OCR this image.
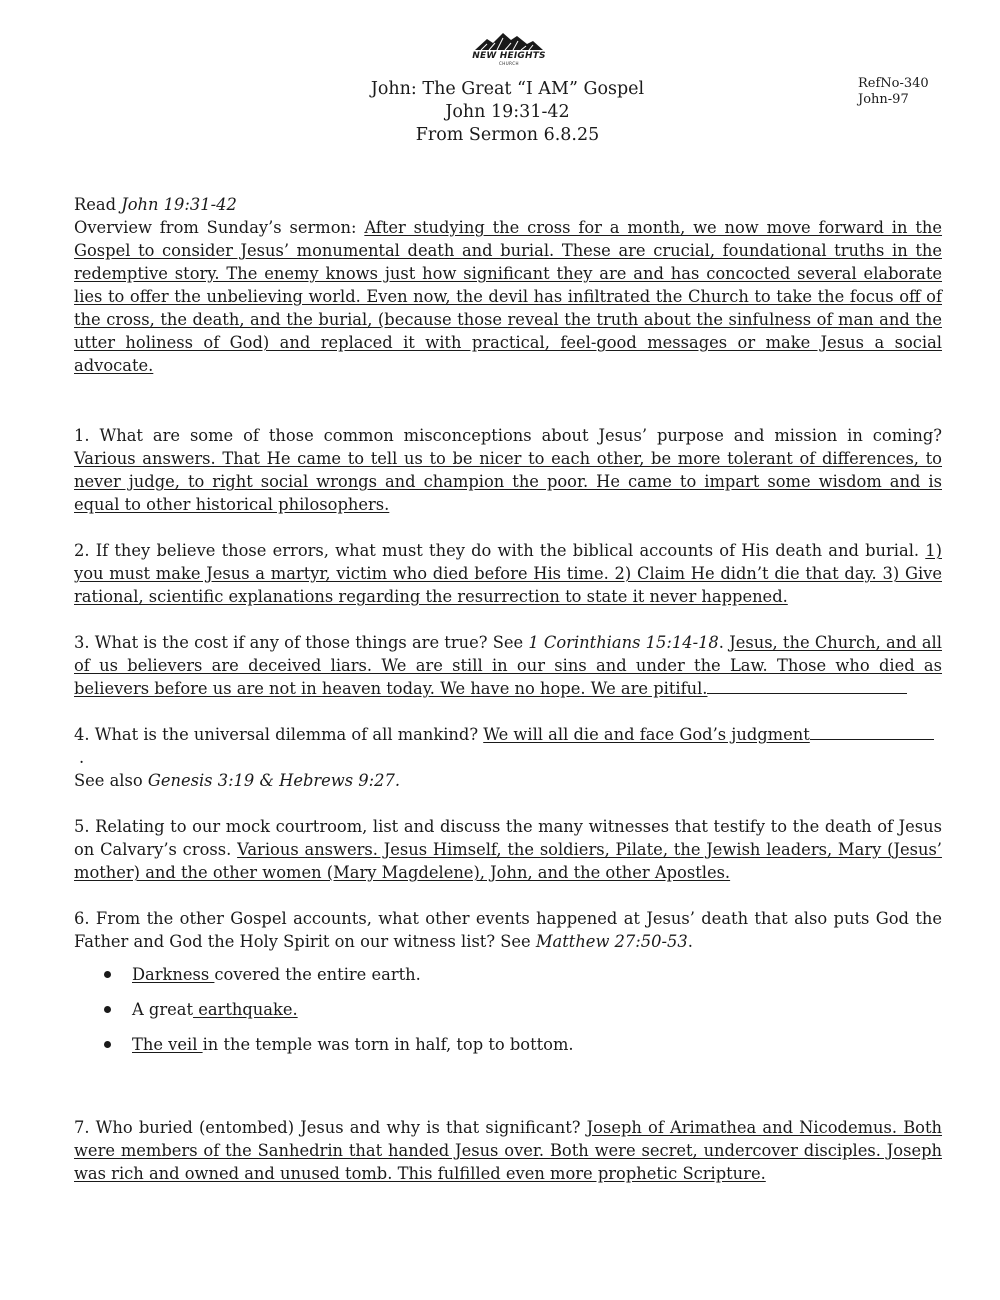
NEW HEIGHTS
CHURCH
John: The Great “I AM” Gospel
John 19:31-42
From Sermon 6.8.25
RefNo-340
John-97

Read John 19:31-42

Overview from Sunday’s sermon: After studying the cross for a month, we now move forward in the Gospel to consider Jesus’ monumental death and burial. These are crucial, foundational truths in the redemptive story. The enemy knows just how significant they are and has concocted several elaborate lies to offer the unbelieving world. Even now, the devil has infiltrated the Church to take the focus off of the cross, the death, and the burial, (because those reveal the truth about the sinfulness of man and the utter holiness of God) and replaced it with practical, feel-good messages or make Jesus a social advocate.

1. What are some of those common misconceptions about Jesus’ purpose and mission in coming? Various answers. That He came to tell us to be nicer to each other, be more tolerant of differences, to never judge, to right social wrongs and champion the poor. He came to impart some wisdom and is equal to other historical philosophers.

2. If they believe those errors, what must they do with the biblical accounts of His death and burial. 1) you must make Jesus a martyr, victim who died before His time. 2) Claim He didn’t die that day. 3) Give rational, scientific explanations regarding the resurrection to state it never happened.

3. What is the cost if any of those things are true? See 1 Corinthians 15:14-18. Jesus, the Church, and all of us believers are deceived liars. We are still in our sins and under the Law. Those who died as believers before us are not in heaven today. We have no hope. We are pitiful.

4. What is the universal dilemma of all mankind? We will all die and face God’s judgment.
See also Genesis 3:19 & Hebrews 9:27.

5. Relating to our mock courtroom, list and discuss the many witnesses that testify to the death of Jesus on Calvary’s cross. Various answers. Jesus Himself, the soldiers, Pilate, the Jewish leaders, Mary (Jesus’ mother) and the other women (Mary Magdelene), John, and the other Apostles.

6. From the other Gospel accounts, what other events happened at Jesus’ death that also puts God the Father and God the Holy Spirit on our witness list? See Matthew 27:50-53.

Darkness covered the entire earth.
A great earthquake.
The veil in the temple was torn in half, top to bottom.

7. Who buried (entombed) Jesus and why is that significant? Joseph of Arimathea and Nicodemus. Both were members of the Sanhedrin that handed Jesus over. Both were secret, undercover disciples. Joseph was rich and owned and unused tomb. This fulfilled even more prophetic Scripture.
